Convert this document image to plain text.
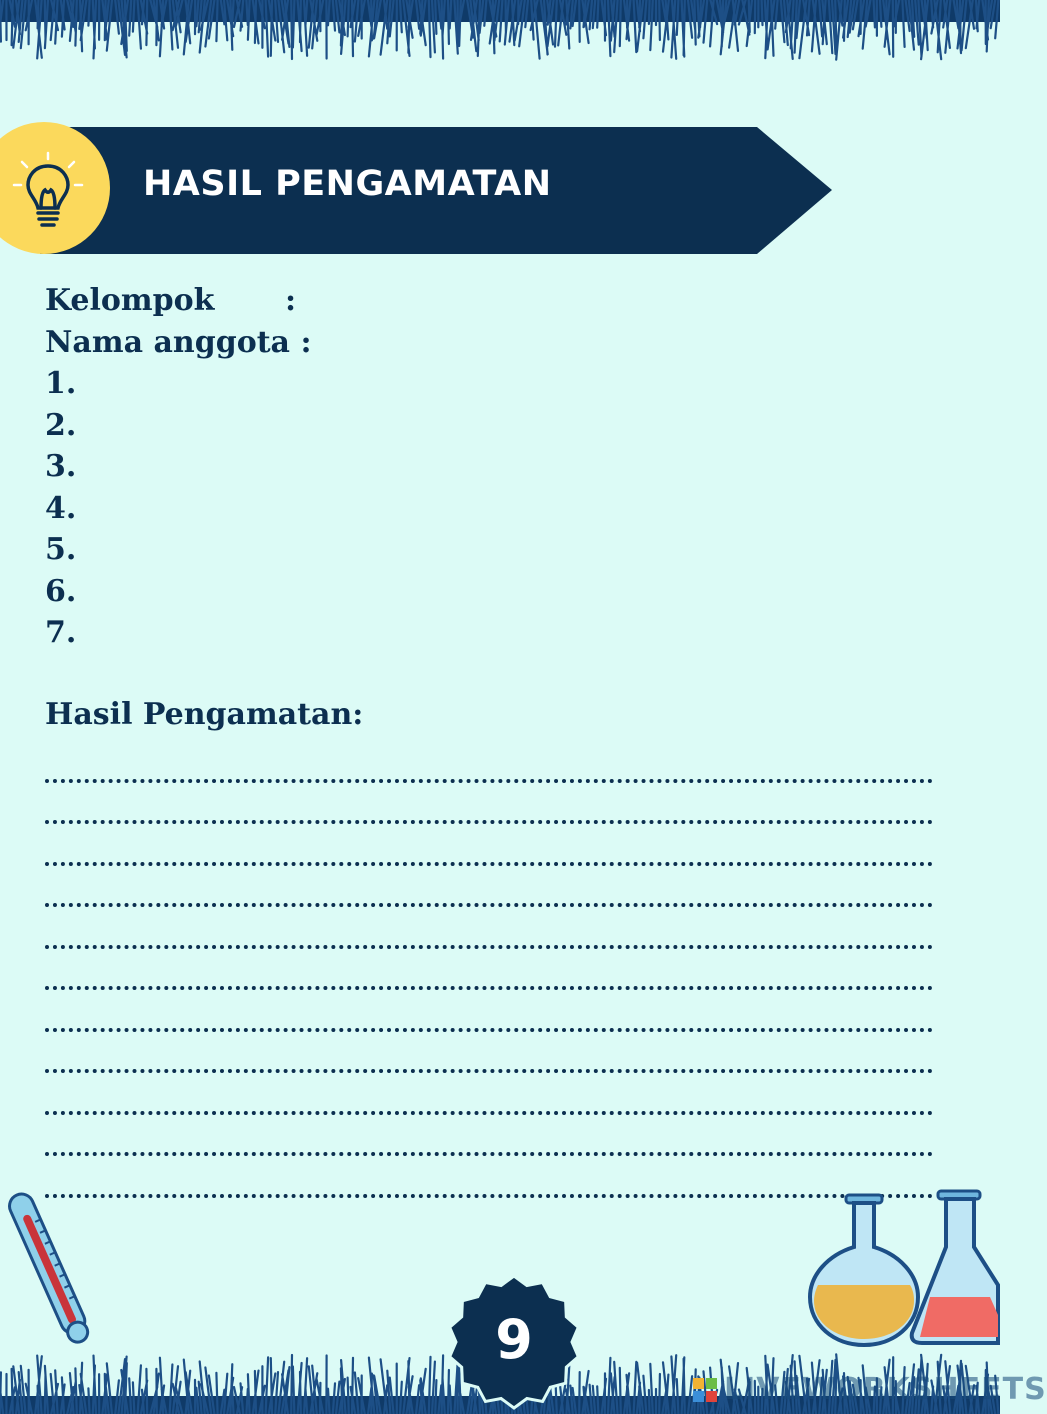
HASIL PENGAMATAN
Kelompok :
Nama anggota :
1.
2.
3.
4.
5.
6.
7.
Hasil Pengamatan:
9
LIVEWORKSHEETS
